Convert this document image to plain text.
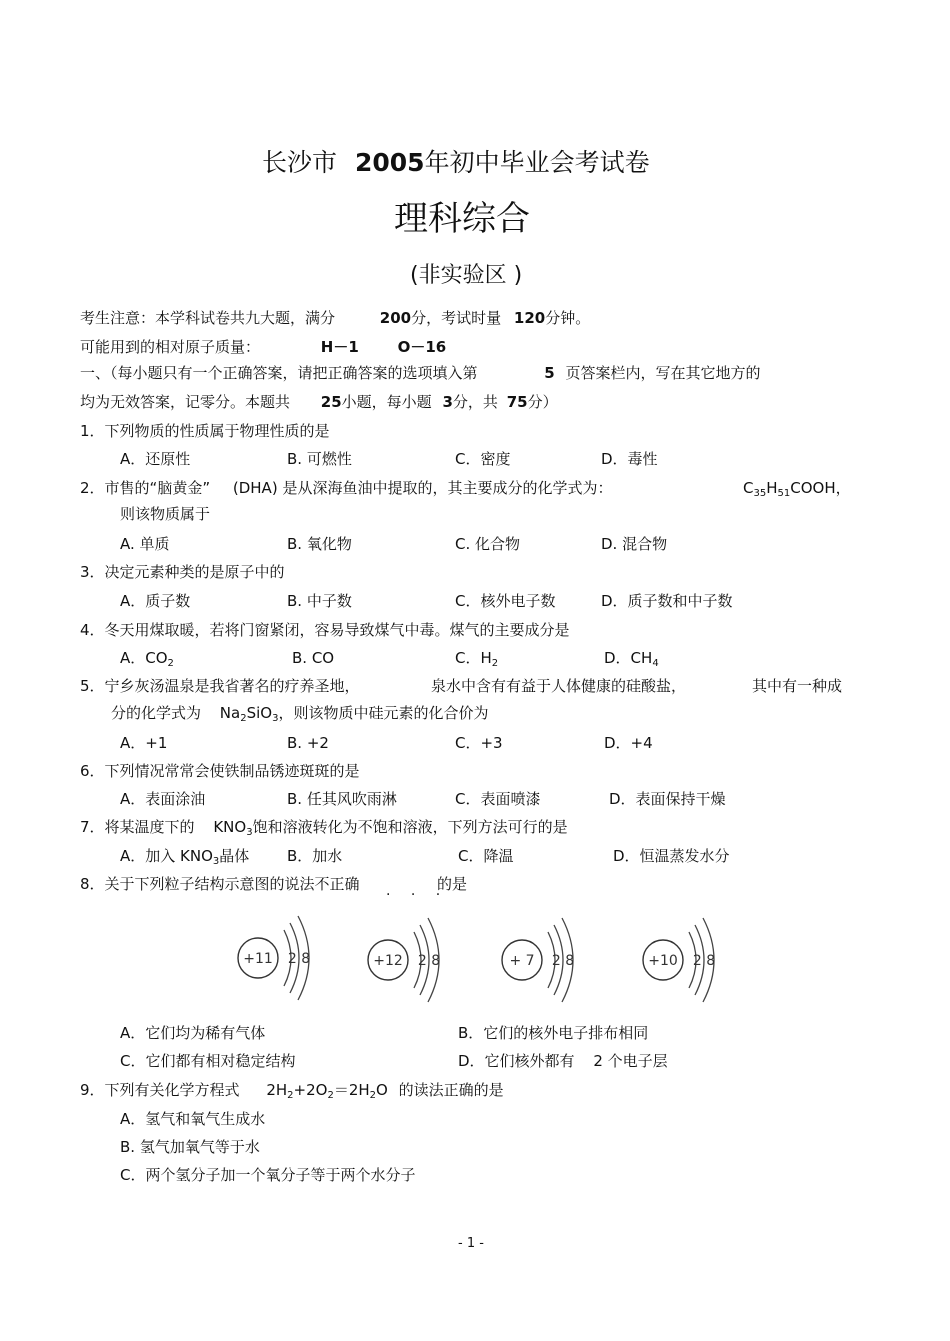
长沙市 2005年初中毕业会考试卷
理科综合
(非实验区 )
考生注意：本学科试卷共九大题，满分	200分，考试时量 120分钟。
可能用到的相对原子质量：	H－1	O－16
一、（每小题只有一个正确答案，请把正确答案的选项填入第	5 页答案栏内，写在其它地方的
均为无效答案，记零分。本题共 25小题，每小题 3分，共 75分）
1．下列物质的性质属于物理性质的是
A．还原性	B. 可燃性	C．密度	D．毒性
2．市售的“脑黄金” (DHA) 是从深海鱼油中提取的，其主要成分的化学式为：	$C_{35}H_{51}COOH$，
则该物质属于
A. 单质	B. 氧化物	C. 化合物	D. 混合物
3．决定元素种类的是原子中的
A．质子数	B. 中子数	C．核外电子数	D．质子数和中子数
4．冬天用煤取暖，若将门窗紧闭，容易导致煤气中毒。煤气的主要成分是
A．$CO_2$	B. CO	C．$H_2$	D．$CH_4$
5．宁乡灰汤温泉是我省著名的疗养圣地，	泉水中含有有益于人体健康的硅酸盐，	其中有一种成
分的化学式为 $Na_2SiO_3$，则该物质中硅元素的化合价为
A．+1	B. +2	C．+3	D．+4
6．下列情况常常会使铁制品锈迹斑斑的是
A．表面涂油	B. 任其风吹雨淋	C．表面喷漆	D．表面保持干燥
7．将某温度下的 $KNO_3$饱和溶液转化为不饱和溶液，下列方法可行的是
A．加入 $KNO_3$晶体	B．加水	C．降温	D．恒温蒸发水分
8．关于下列粒子结构示意图的说法不正确
· · ·
的是
+11 2 8	+12 2 8	+ 7 2 8	+10 2 8
A．它们均为稀有气体	B．它们的核外电子排布相同
C．它们都有相对稳定结构	D．它们核外都有 2 个电子层
9．下列有关化学方程式 $2H_2+2O_2=2H_2O$ 的读法正确的是
A．氢气和氧气生成水
B. 氢气加氧气等于水
C．两个氢分子加一个氧分子等于两个水分子
- 1 -
